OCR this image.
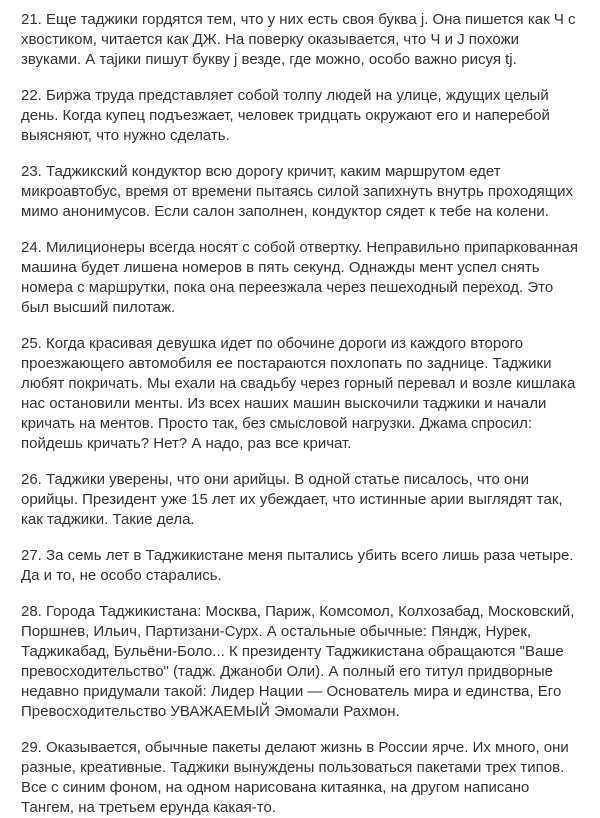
21. Еще таджики гордятся тем, что у них есть своя буква j. Она пишется как Ч с хвостиком, читается как ДЖ. На поверку оказывается, что Ч и J похожи звуками. А таjики пишут букву j везде, где можно, особо важно рисуя tj.

22. Биржа труда представляет собой толпу людей на улице, ждущих целый день. Когда купец подъезжает, человек тридцать окружают его и наперебой выясняют, что нужно сделать.

23. Таджикский кондуктор всю дорогу кричит, каким маршрутом едет микроавтобус, время от времени пытаясь силой запихнуть внутрь проходящих мимо анонимусов. Если салон заполнен, кондуктор сядет к тебе на колени.

24. Милиционеры всегда носят с собой отвертку. Неправильно припаркованная машина будет лишена номеров в пять секунд. Однажды мент успел снять номера с маршрутки, пока она переезжала через пешеходный переход. Это был высший пилотаж.

25. Когда красивая девушка идет по обочине дороги из каждого второго проезжающего автомобиля ее постараются похлопать по заднице. Таджики любят покричать. Мы ехали на свадьбу через горный перевал и возле кишлака нас остановили менты. Из всех наших машин выскочили таджики и начали кричать на ментов. Просто так, без смысловой нагрузки. Джама спросил: пойдешь кричать? Нет? А надо, раз все кричат.

26. Таджики уверены, что они арийцы. В одной статье писалось, что они орийцы. Президент уже 15 лет их убеждает, что истинные арии выглядят так, как таджики. Такие дела.

27. За семь лет в Таджикистане меня пытались убить всего лишь раза четыре. Да и то, не особо старались.

28. Города Таджикистана: Москва, Париж, Комсомол, Колхозабад, Московский, Поршнев, Ильич, Партизани-Сурх. А остальные обычные: Пяндж, Нурек, Таджикабад, Бульёни-Боло... К президенту Таджикистана обращаются "Ваше превосходительство" (тадж. Джаноби Оли). А полный его титул придворные недавно придумали такой: Лидер Нации — Основатель мира и единства, Его Превосходительство УВАЖАЕМЫЙ Эмомали Рахмон.

29. Оказывается, обычные пакеты делают жизнь в России ярче. Их много, они разные, креативные. Таджики вынуждены пользоваться пакетами трех типов. Все с синим фоном, на одном нарисована китаянка, на другом написано Тангем, на третьем ерунда какая-то.
